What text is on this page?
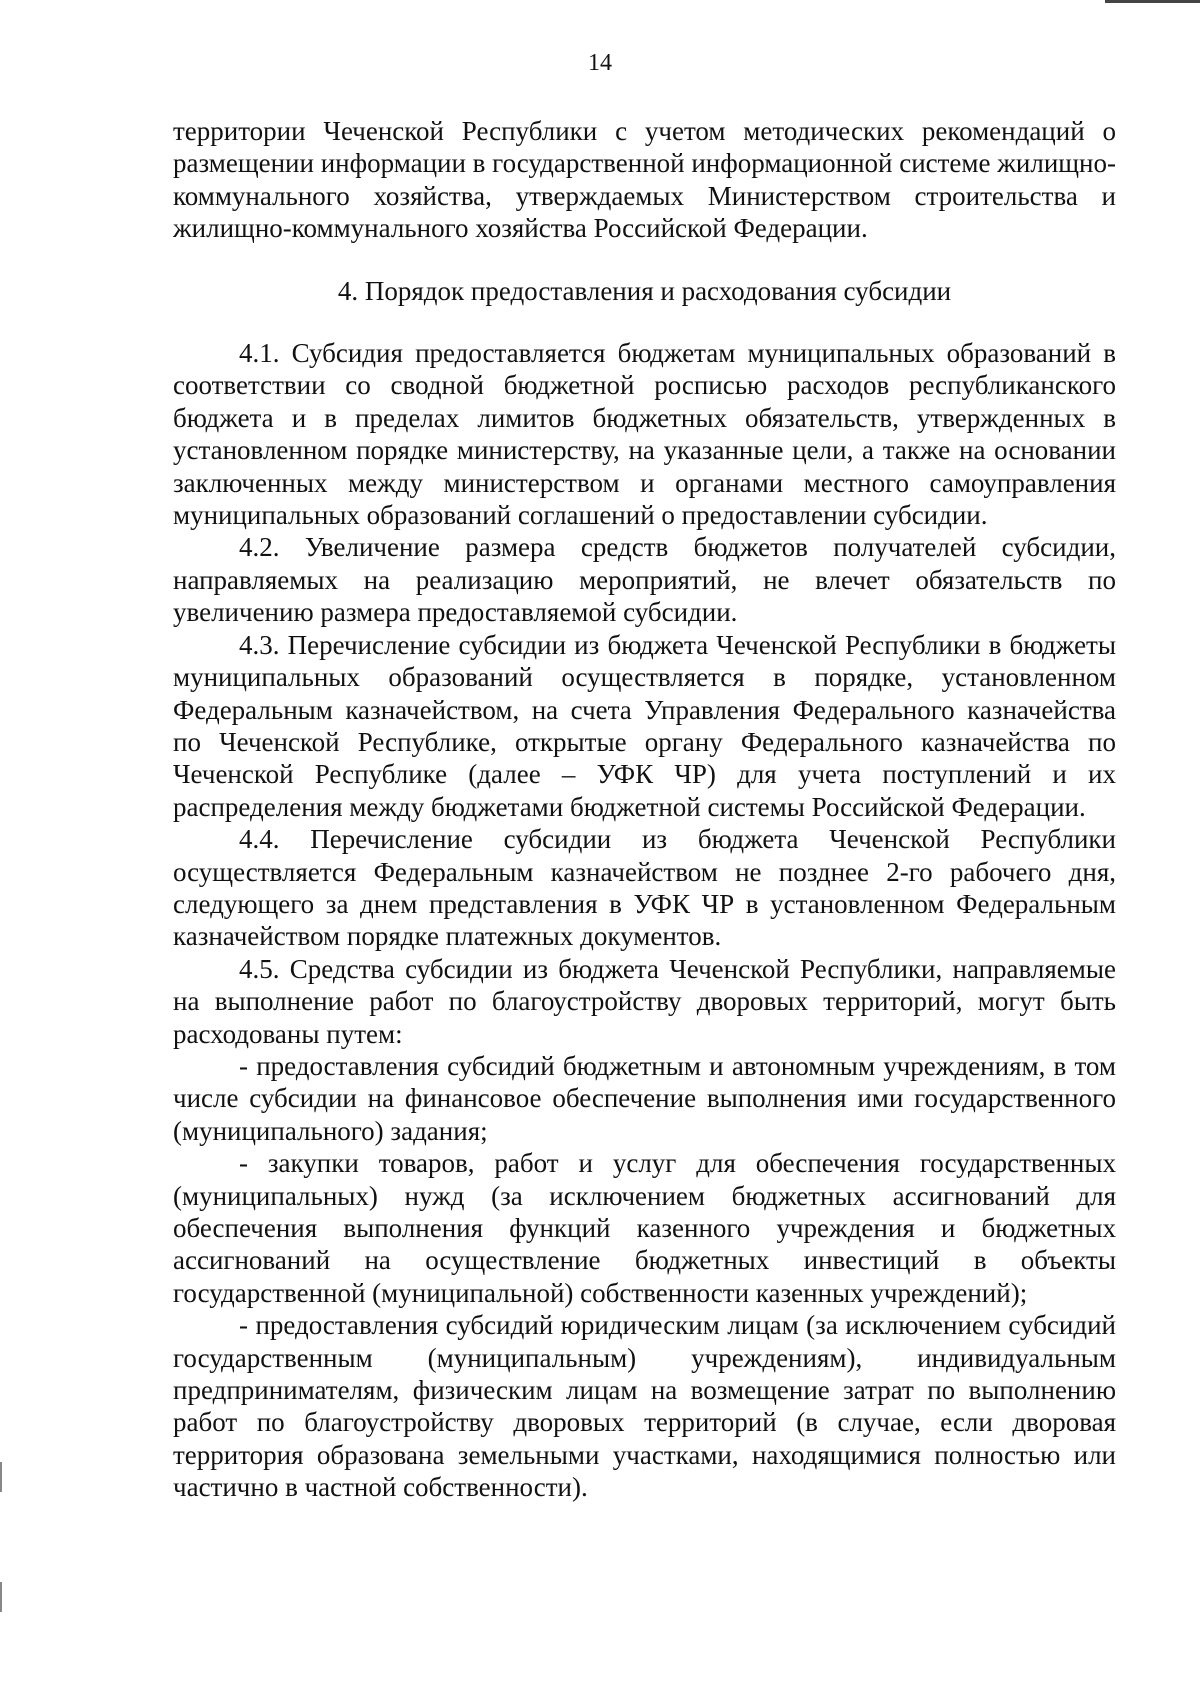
14

территории Чеченской Республики с учетом методических рекомендаций о размещении информации в государственной информационной системе жилищно-коммунального хозяйства, утверждаемых Министерством строительства и жилищно-коммунального хозяйства Российской Федерации.

4. Порядок предоставления и расходования субсидии

4.1. Субсидия предоставляется бюджетам муниципальных образований в соответствии со сводной бюджетной росписью расходов республиканского бюджета и в пределах лимитов бюджетных обязательств, утвержденных в установленном порядке министерству, на указанные цели, а также на основании заключенных между министерством и органами местного самоуправления муниципальных образований соглашений о предоставлении субсидии.

4.2. Увеличение размера средств бюджетов получателей субсидии, направляемых на реализацию мероприятий, не влечет обязательств по увеличению размера предоставляемой субсидии.

4.3. Перечисление субсидии из бюджета Чеченской Республики в бюджеты муниципальных образований осуществляется в порядке, установленном Федеральным казначейством, на счета Управления Федерального казначейства по Чеченской Республике, открытые органу Федерального казначейства по Чеченской Республике (далее – УФК ЧР) для учета поступлений и их распределения между бюджетами бюджетной системы Российской Федерации.

4.4. Перечисление субсидии из бюджета Чеченской Республики осуществляется Федеральным казначейством не позднее 2-го рабочего дня, следующего за днем представления в УФК ЧР в установленном Федеральным казначейством порядке платежных документов.

4.5. Средства субсидии из бюджета Чеченской Республики, направляемые на выполнение работ по благоустройству дворовых территорий, могут быть расходованы путем:

- предоставления субсидий бюджетным и автономным учреждениям, в том числе субсидии на финансовое обеспечение выполнения ими государственного (муниципального) задания;

- закупки товаров, работ и услуг для обеспечения государственных (муниципальных) нужд (за исключением бюджетных ассигнований для обеспечения выполнения функций казенного учреждения и бюджетных ассигнований на осуществление бюджетных инвестиций в объекты государственной (муниципальной) собственности казенных учреждений);

- предоставления субсидий юридическим лицам (за исключением субсидий государственным (муниципальным) учреждениям), индивидуальным предпринимателям, физическим лицам на возмещение затрат по выполнению работ по благоустройству дворовых территорий (в случае, если дворовая территория образована земельными участками, находящимися полностью или частично в частной собственности).
